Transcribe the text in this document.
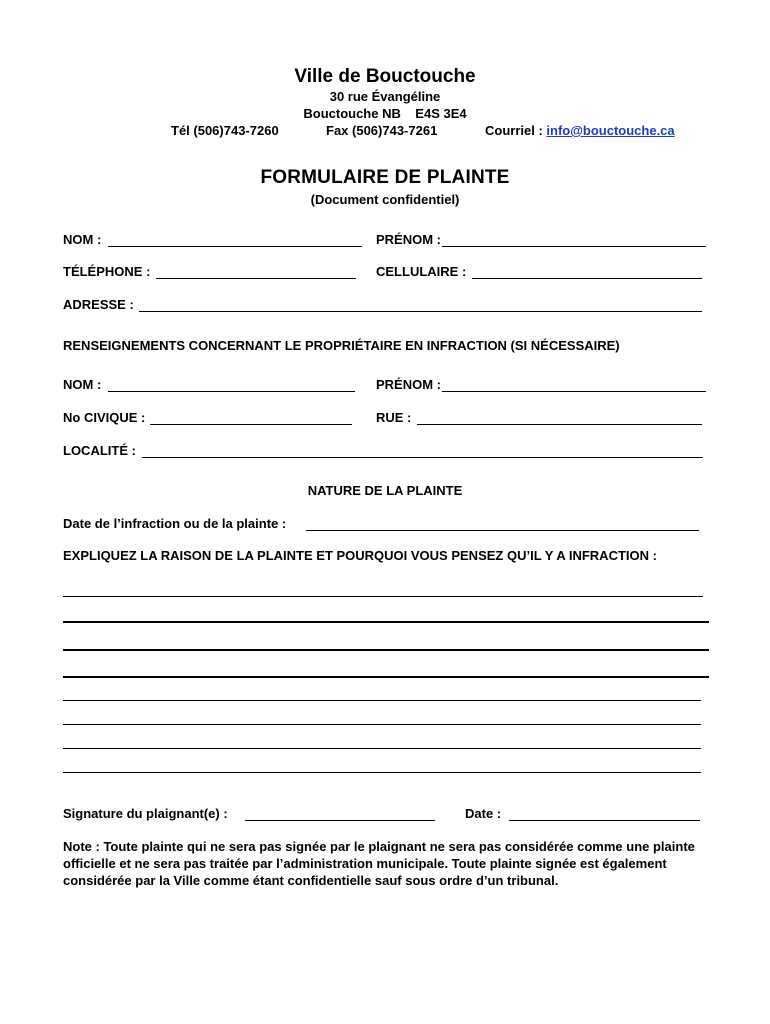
Ville de Bouctouche
30 rue Évangéline
Bouctouche NB    E4S 3E4
Tél (506)743-7260	Fax (506)743-7261	Courriel : info@bouctouche.ca
FORMULAIRE DE PLAINTE
(Document confidentiel)
NOM :	PRÉNOM :
TÉLÉPHONE :	CELLULAIRE :
ADRESSE :
RENSEIGNEMENTS CONCERNANT LE PROPRIÉTAIRE EN INFRACTION (SI NÉCESSAIRE)
NOM :	PRÉNOM :
No CIVIQUE :	RUE :
LOCALITÉ :
NATURE DE LA PLAINTE
Date de l’infraction ou de la plainte :
EXPLIQUEZ LA RAISON DE LA PLAINTE ET POURQUOI VOUS PENSEZ QU’IL Y A INFRACTION :
Signature du plaignant(e) :	Date :
Note : Toute plainte qui ne sera pas signée par le plaignant ne sera pas considérée comme une plainte officielle et ne sera pas traitée par l’administration municipale. Toute plainte signée est également considérée par la Ville comme étant confidentielle sauf sous ordre d’un tribunal.
